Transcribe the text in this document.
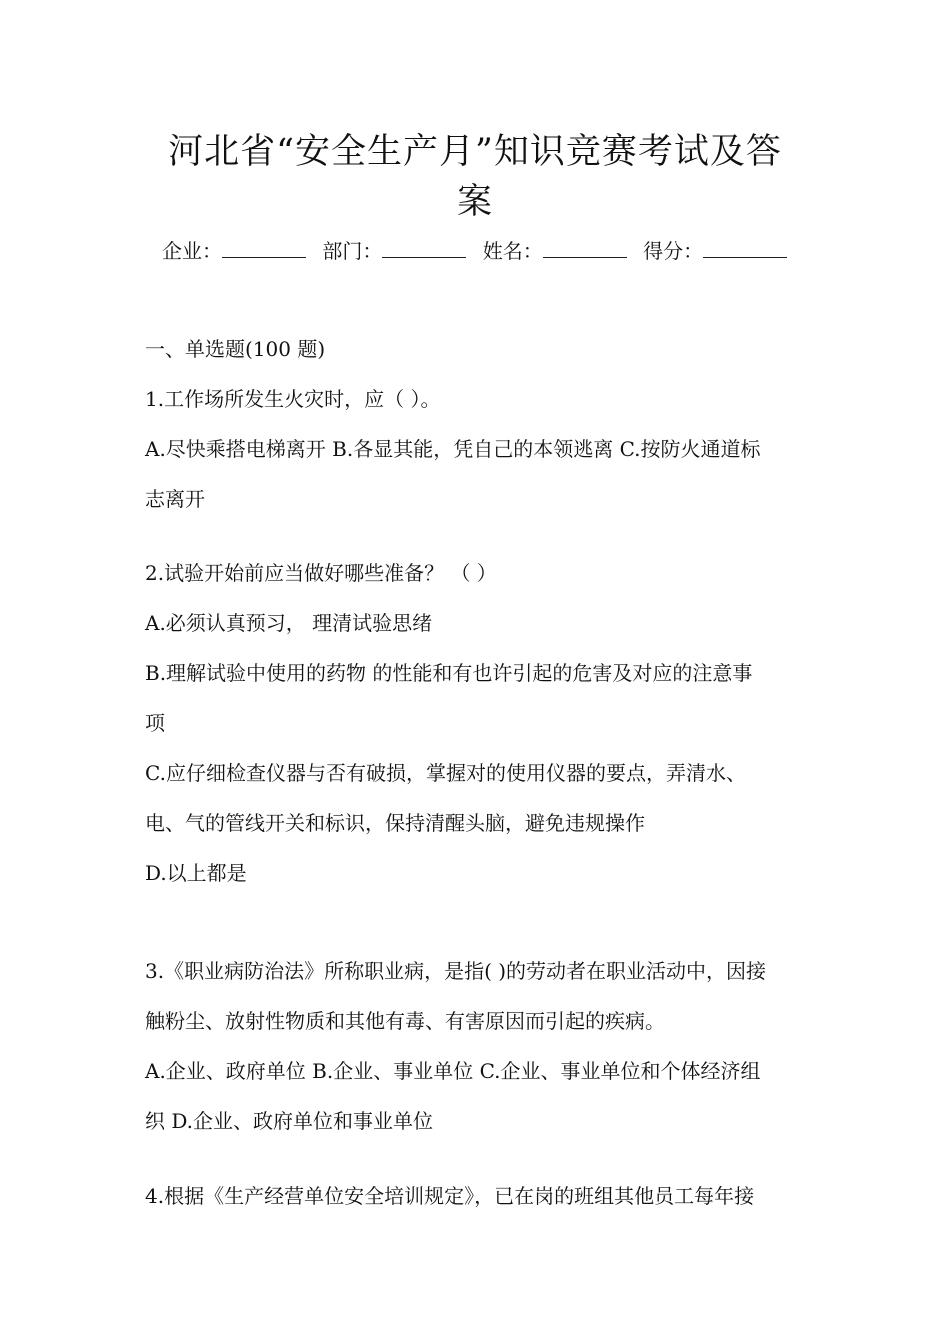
河北省“安全生产月”知识竞赛考试及答
案
企业：	部门：	姓名：	得分：
一、单选题(100 题)
1.工作场所发生火灾时，应（ ）。
A.尽快乘搭电梯离开 B.各显其能，凭自己的本领逃离 C.按防火通道标
志离开
2.试验开始前应当做好哪些准备？ （ ）
A.必须认真预习， 理清试验思绪
B.理解试验中使用的药物 的性能和有也许引起的危害及对应的注意事
项
C.应仔细检查仪器与否有破损，掌握对的使用仪器的要点，弄清水、
电、气的管线开关和标识，保持清醒头脑，避免违规操作
D.以上都是
3.《职业病防治法》所称职业病，是指( )的劳动者在职业活动中，因接
触粉尘、放射性物质和其他有毒、有害原因而引起的疾病。
A.企业、政府单位 B.企业、事业单位 C.企业、事业单位和个体经济组
织 D.企业、政府单位和事业单位
4.根据《生产经营单位安全培训规定》，已在岗的班组其他员工每年接
